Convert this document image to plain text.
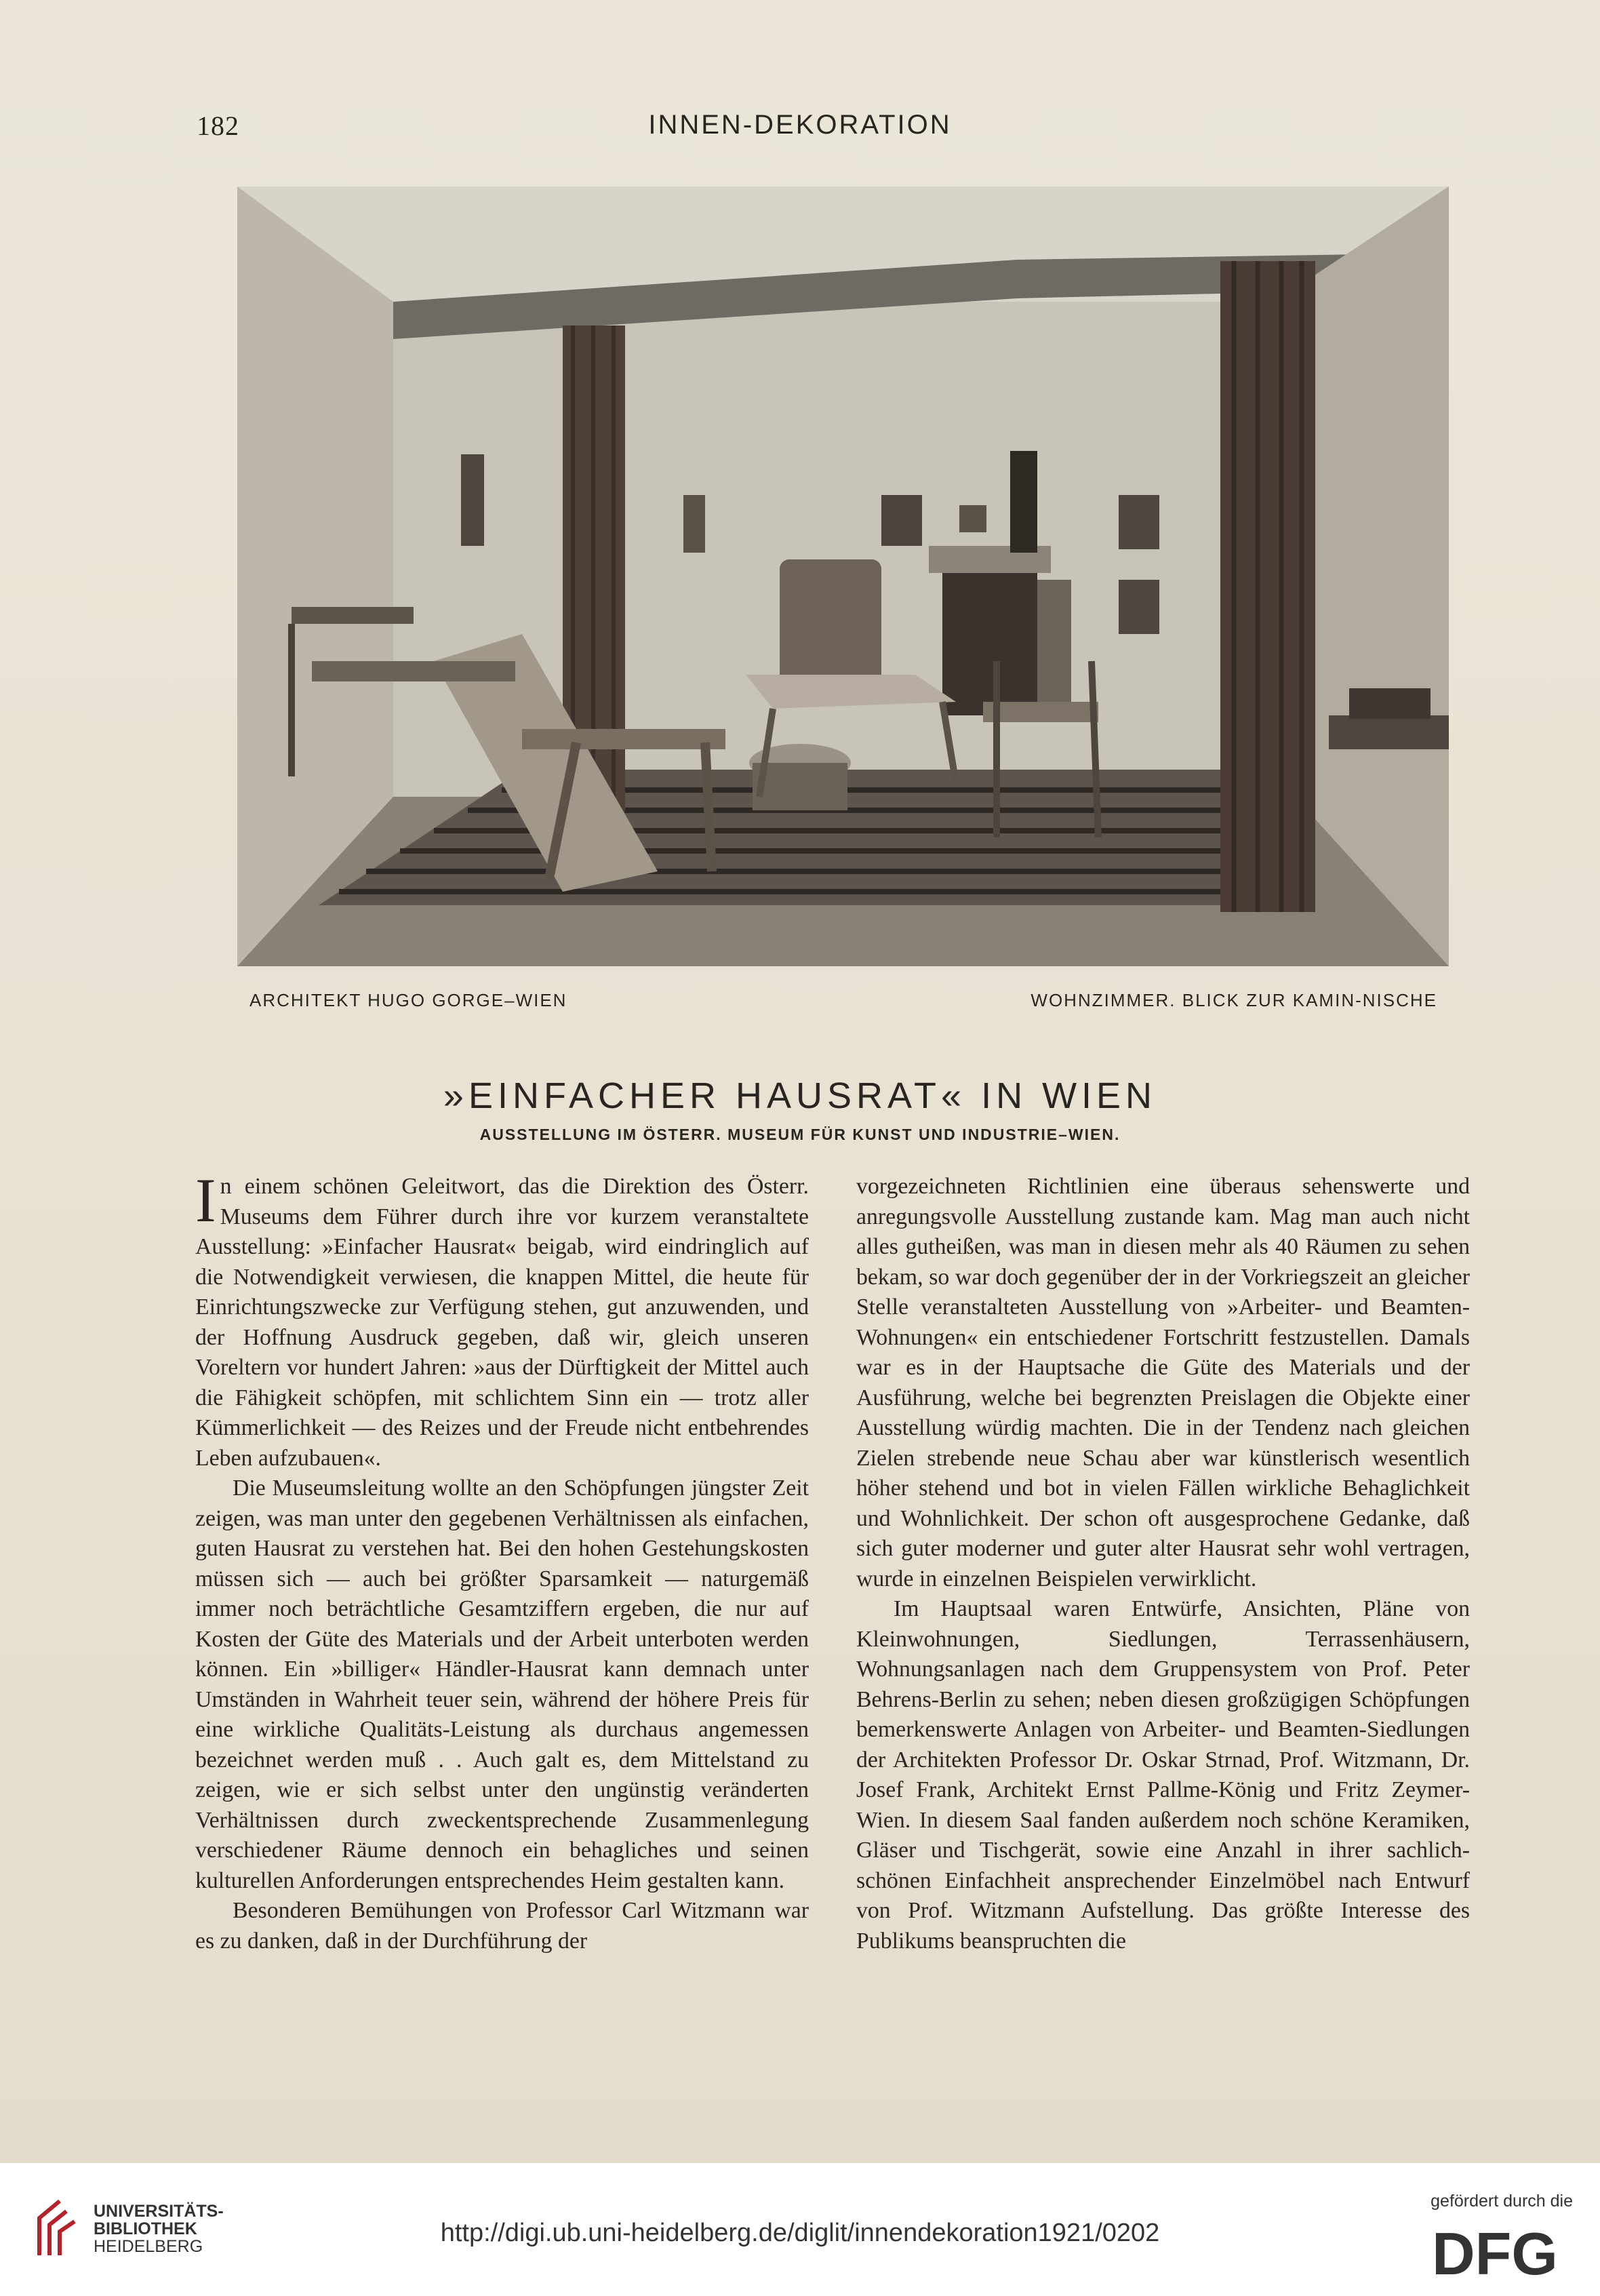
182	INNEN-DEKORATION
ARCHITEKT HUGO GORGE–WIEN	WOHNZIMMER. BLICK ZUR KAMIN-NISCHE
»EINFACHER HAUSRAT« IN WIEN
AUSSTELLUNG IM ÖSTERR. MUSEUM FÜR KUNST UND INDUSTRIE–WIEN.

In einem schönen Geleitwort, das die Direktion des Österr. Museums dem Führer durch ihre vor kurzem veranstaltete Ausstellung: »Einfacher Hausrat« beigab, wird eindringlich auf die Notwendigkeit verwiesen, die knappen Mittel, die heute für Einrichtungszwecke zur Verfügung stehen, gut anzuwenden, und der Hoffnung Ausdruck gegeben, daß wir, gleich unseren Voreltern vor hundert Jahren: »aus der Dürftigkeit der Mittel auch die Fähigkeit schöpfen, mit schlichtem Sinn ein — trotz aller Kümmerlichkeit — des Reizes und der Freude nicht entbehrendes Leben aufzubauen«.

Die Museumsleitung wollte an den Schöpfungen jüngster Zeit zeigen, was man unter den gegebenen Verhältnissen als einfachen, guten Hausrat zu verstehen hat. Bei den hohen Gestehungskosten müssen sich — auch bei größter Sparsamkeit — naturgemäß immer noch beträchtliche Gesamtziffern ergeben, die nur auf Kosten der Güte des Materials und der Arbeit unterboten werden können. Ein »billiger« Händler-Hausrat kann demnach unter Umständen in Wahrheit teuer sein, während der höhere Preis für eine wirkliche Qualitäts-Leistung als durchaus angemessen bezeichnet werden muß . . Auch galt es, dem Mittelstand zu zeigen, wie er sich selbst unter den ungünstig veränderten Verhältnissen durch zweckentsprechende Zusammenlegung verschiedener Räume dennoch ein behagliches und seinen kulturellen Anforderungen entsprechendes Heim gestalten kann.

Besonderen Bemühungen von Professor Carl Witzmann war es zu danken, daß in der Durchführung der

vorgezeichneten Richtlinien eine überaus sehenswerte und anregungsvolle Ausstellung zustande kam. Mag man auch nicht alles gutheißen, was man in diesen mehr als 40 Räumen zu sehen bekam, so war doch gegenüber der in der Vorkriegszeit an gleicher Stelle veranstalteten Ausstellung von »Arbeiter- und Beamten-Wohnungen« ein entschiedener Fortschritt festzustellen. Damals war es in der Hauptsache die Güte des Materials und der Ausführung, welche bei begrenzten Preislagen die Objekte einer Ausstellung würdig machten. Die in der Tendenz nach gleichen Zielen strebende neue Schau aber war künstlerisch wesentlich höher stehend und bot in vielen Fällen wirkliche Behaglichkeit und Wohnlichkeit. Der schon oft ausgesprochene Gedanke, daß sich guter moderner und guter alter Hausrat sehr wohl vertragen, wurde in einzelnen Beispielen verwirklicht.

Im Hauptsaal waren Entwürfe, Ansichten, Pläne von Kleinwohnungen, Siedlungen, Terrassenhäusern, Wohnungsanlagen nach dem Gruppensystem von Prof. Peter Behrens-Berlin zu sehen; neben diesen großzügigen Schöpfungen bemerkenswerte Anlagen von Arbeiter- und Beamten-Siedlungen der Architekten Professor Dr. Oskar Strnad, Prof. Witzmann, Dr. Josef Frank, Architekt Ernst Pallme-König und Fritz Zeymer-Wien. In diesem Saal fanden außerdem noch schöne Keramiken, Gläser und Tischgerät, sowie eine Anzahl in ihrer sachlich-schönen Einfachheit ansprechender Einzelmöbel nach Entwurf von Prof. Witzmann Aufstellung. Das größte Interesse des Publikums beanspruchten die

UNIVERSITÄTS-
BIBLIOTHEK
HEIDELBERG	http://digi.ub.uni-heidelberg.de/diglit/innendekoration1921/0202
gefördert durch die
DFG
